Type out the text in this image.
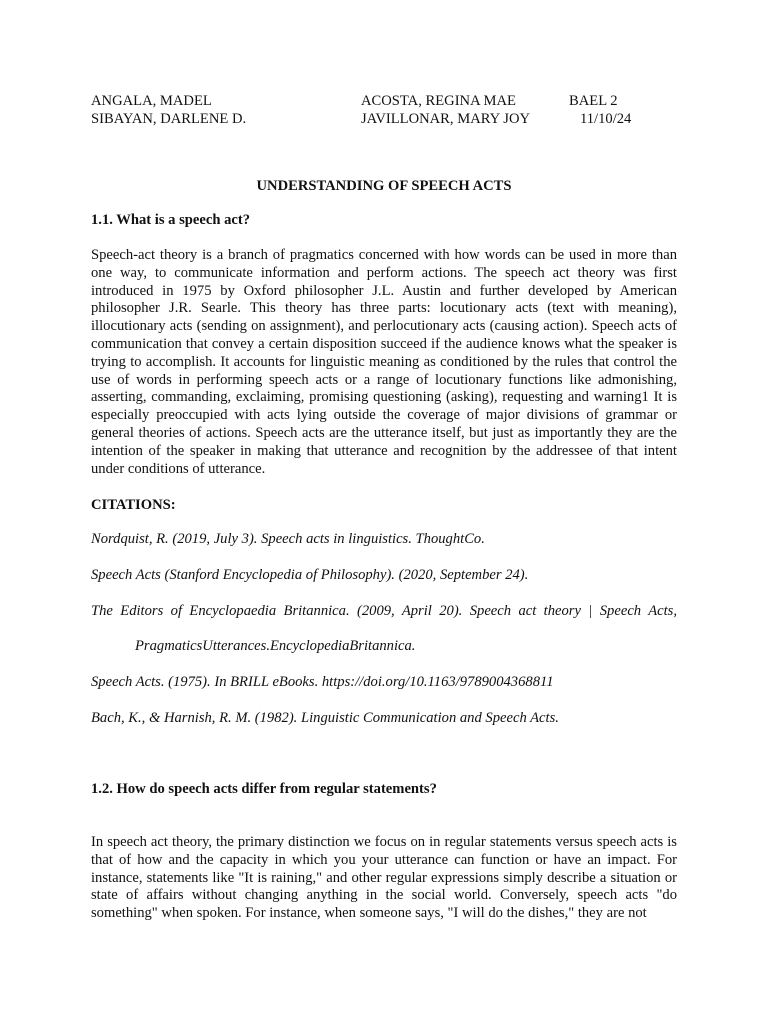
ANGALA, MADEL
SIBAYAN, DARLENE D.
ACOSTA, REGINA MAE
JAVILLONAR, MARY JOY
BAEL 2
11/10/24
UNDERSTANDING OF SPEECH ACTS
1.1. What is a speech act?
Speech-act theory is a branch of pragmatics concerned with how words can be used in more than one way, to communicate information and perform actions. The speech act theory was first introduced in 1975 by Oxford philosopher J.L. Austin and further developed by American philosopher J.R. Searle. This theory has three parts: locutionary acts (text with meaning), illocutionary acts (sending on assignment), and perlocutionary acts (causing action). Speech acts of communication that convey a certain disposition succeed if the audience knows what the speaker is trying to accomplish. It accounts for linguistic meaning as conditioned by the rules that control the use of words in performing speech acts or a range of locutionary functions like admonishing, asserting, commanding, exclaiming, promising questioning (asking), requesting and warning1 It is especially preoccupied with acts lying outside the coverage of major divisions of grammar or general theories of actions. Speech acts are the utterance itself, but just as importantly they are the intention of the speaker in making that utterance and recognition by the addressee of that intent under conditions of utterance.
CITATIONS:
Nordquist, R. (2019, July 3). Speech acts in linguistics. ThoughtCo.
Speech Acts (Stanford Encyclopedia of Philosophy). (2020, September 24).
The Editors of Encyclopaedia Britannica. (2009, April 20). Speech act theory | Speech Acts,
PragmaticsUtterances.EncyclopediaBritannica.
Speech Acts. (1975). In BRILL eBooks. https://doi.org/10.1163/9789004368811
Bach, K., & Harnish, R. M. (1982). Linguistic Communication and Speech Acts.
1.2. How do speech acts differ from regular statements?
In speech act theory, the primary distinction we focus on in regular statements versus speech acts is that of how and the capacity in which you your utterance can function or have an impact. For instance, statements like "It is raining," and other regular expressions simply describe a situation or state of affairs without changing anything in the social world. Conversely, speech acts "do something" when spoken. For instance, when someone says, "I will do the dishes," they are not
